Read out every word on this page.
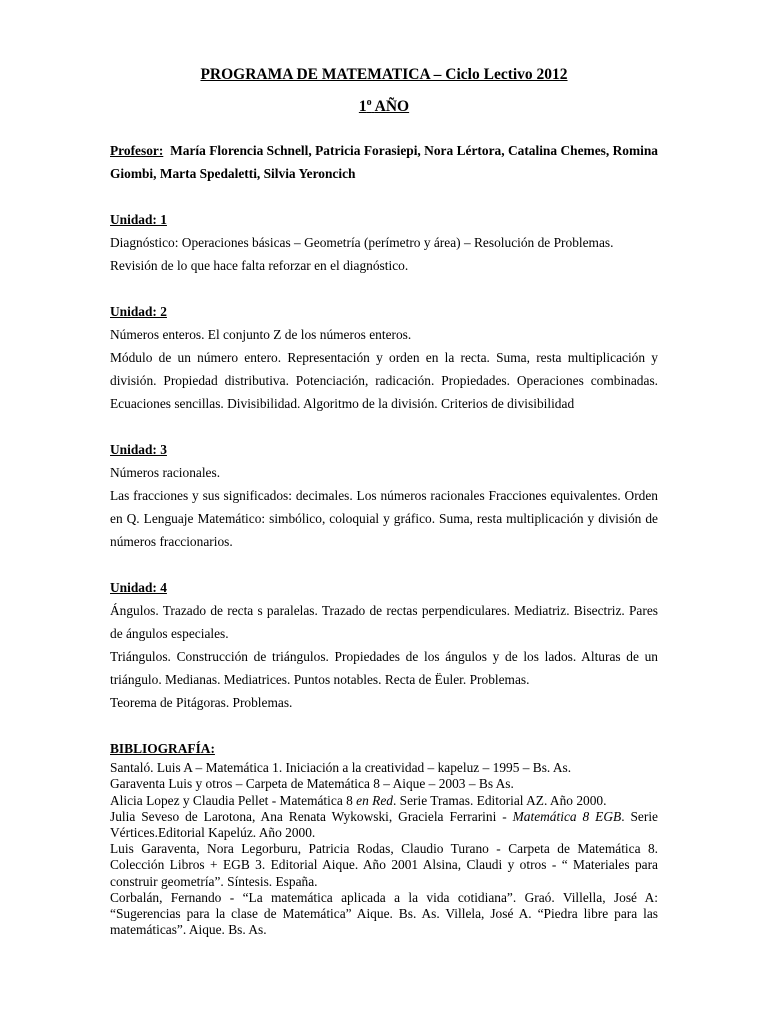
PROGRAMA DE MATEMATICA – Ciclo Lectivo 2012
1$^o$ AÑO
Profesor: María Florencia Schnell, Patricia Forasiepi, Nora Lértora, Catalina Chemes, Romina Giombi, Marta Spedaletti, Silvia Yeroncich
Unidad: 1
Diagnóstico: Operaciones básicas – Geometría (perímetro y área) – Resolución de Problemas.
Revisión de lo que hace falta reforzar en el diagnóstico.
Unidad: 2
Números enteros. El conjunto Z de los números enteros.
Módulo de un número entero. Representación y orden en la recta. Suma, resta multiplicación y división. Propiedad distributiva. Potenciación, radicación. Propiedades. Operaciones combinadas. Ecuaciones sencillas. Divisibilidad. Algoritmo de la división. Criterios de divisibilidad
Unidad: 3
Números racionales.
Las fracciones y sus significados: decimales. Los números racionales Fracciones equivalentes. Orden en Q. Lenguaje Matemático: simbólico, coloquial y gráfico. Suma, resta multiplicación y división de números fraccionarios.
Unidad: 4
Ángulos. Trazado de recta s paralelas. Trazado de rectas perpendiculares. Mediatriz. Bisectriz. Pares de ángulos especiales.
Triángulos. Construcción de triángulos. Propiedades de los ángulos y de los lados. Alturas de un triángulo. Medianas. Mediatrices. Puntos notables. Recta de Ëuler. Problemas.
Teorema de Pitágoras. Problemas.
BIBLIOGRAFÍA:
Santaló. Luis A – Matemática 1. Iniciación a la creatividad – kapeluz – 1995 – Bs. As.
Garaventa Luis y otros – Carpeta de Matemática 8 – Aique – 2003 – Bs As.
Alicia Lopez y Claudia Pellet - Matemática 8 en Red. Serie Tramas. Editorial AZ. Año 2000.
Julia Seveso de Larotona, Ana Renata Wykowski, Graciela Ferrarini - Matemática 8 EGB. Serie Vértices.Editorial Kapelúz. Año 2000.
Luis Garaventa, Nora Legorburu, Patricia Rodas, Claudio Turano - Carpeta de Matemática 8. Colección Libros + EGB 3. Editorial Aique. Año 2001 Alsina, Claudi y otros - “ Materiales para construir geometría”. Síntesis. España.
Corbalán, Fernando - “La matemática aplicada a la vida cotidiana”. Graó. Villella, José A: “Sugerencias para la clase de Matemática” Aique. Bs. As. Villela, José A. “Piedra libre para las matemáticas”. Aique. Bs. As.
